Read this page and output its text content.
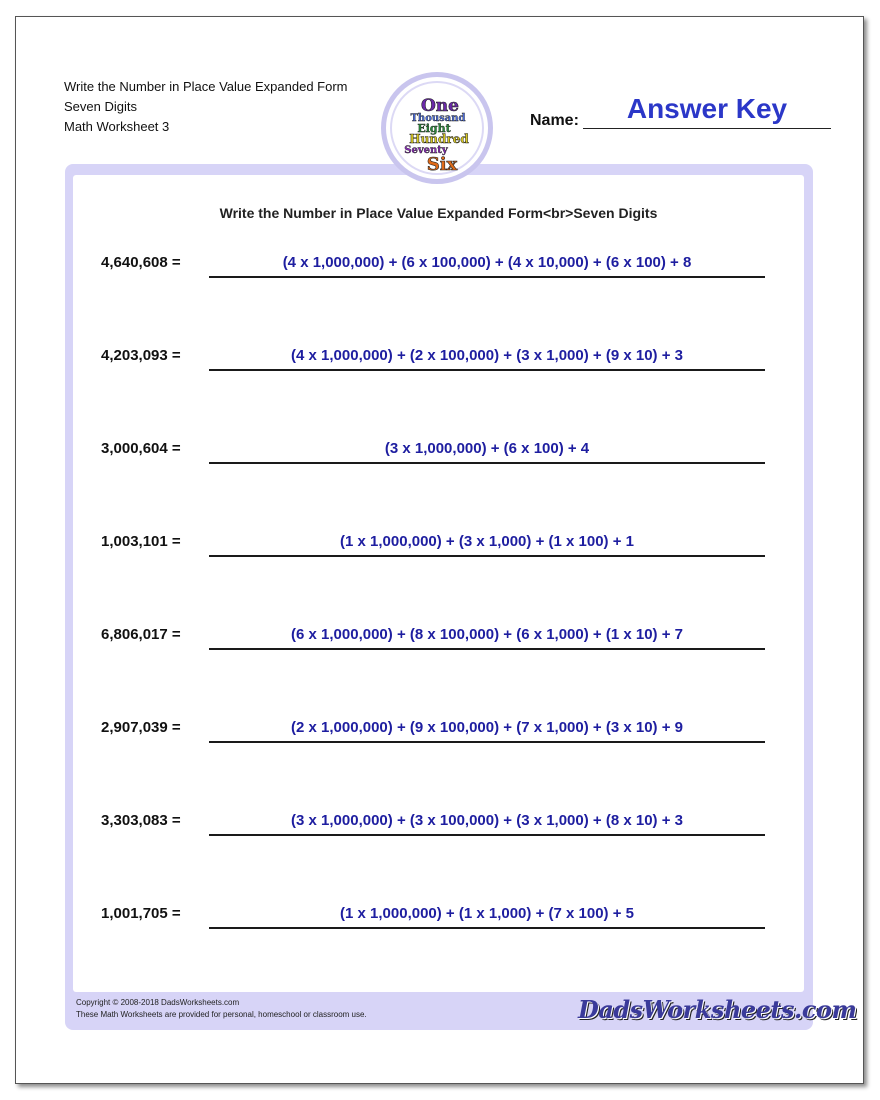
Write the Number in Place Value Expanded Form
Seven Digits
Math Worksheet 3
One
Thousand
Eight
Hundred
Seventy
Six
Name:	Answer Key
Write the Number in Place Value Expanded Form<br>Seven Digits
4,640,608 =	(4 x 1,000,000) + (6 x 100,000) + (4 x 10,000) + (6 x 100) + 8
4,203,093 =	(4 x 1,000,000) + (2 x 100,000) + (3 x 1,000) + (9 x 10) + 3
3,000,604 =	(3 x 1,000,000) + (6 x 100) + 4
1,003,101 =	(1 x 1,000,000) + (3 x 1,000) + (1 x 100) + 1
6,806,017 =	(6 x 1,000,000) + (8 x 100,000) + (6 x 1,000) + (1 x 10) + 7
2,907,039 =	(2 x 1,000,000) + (9 x 100,000) + (7 x 1,000) + (3 x 10) + 9
3,303,083 =	(3 x 1,000,000) + (3 x 100,000) + (3 x 1,000) + (8 x 10) + 3
1,001,705 =	(1 x 1,000,000) + (1 x 1,000) + (7 x 100) + 5
Copyright © 2008-2018 DadsWorksheets.com
These Math Worksheets are provided for personal, homeschool or classroom use.	DadsWorksheets.com
